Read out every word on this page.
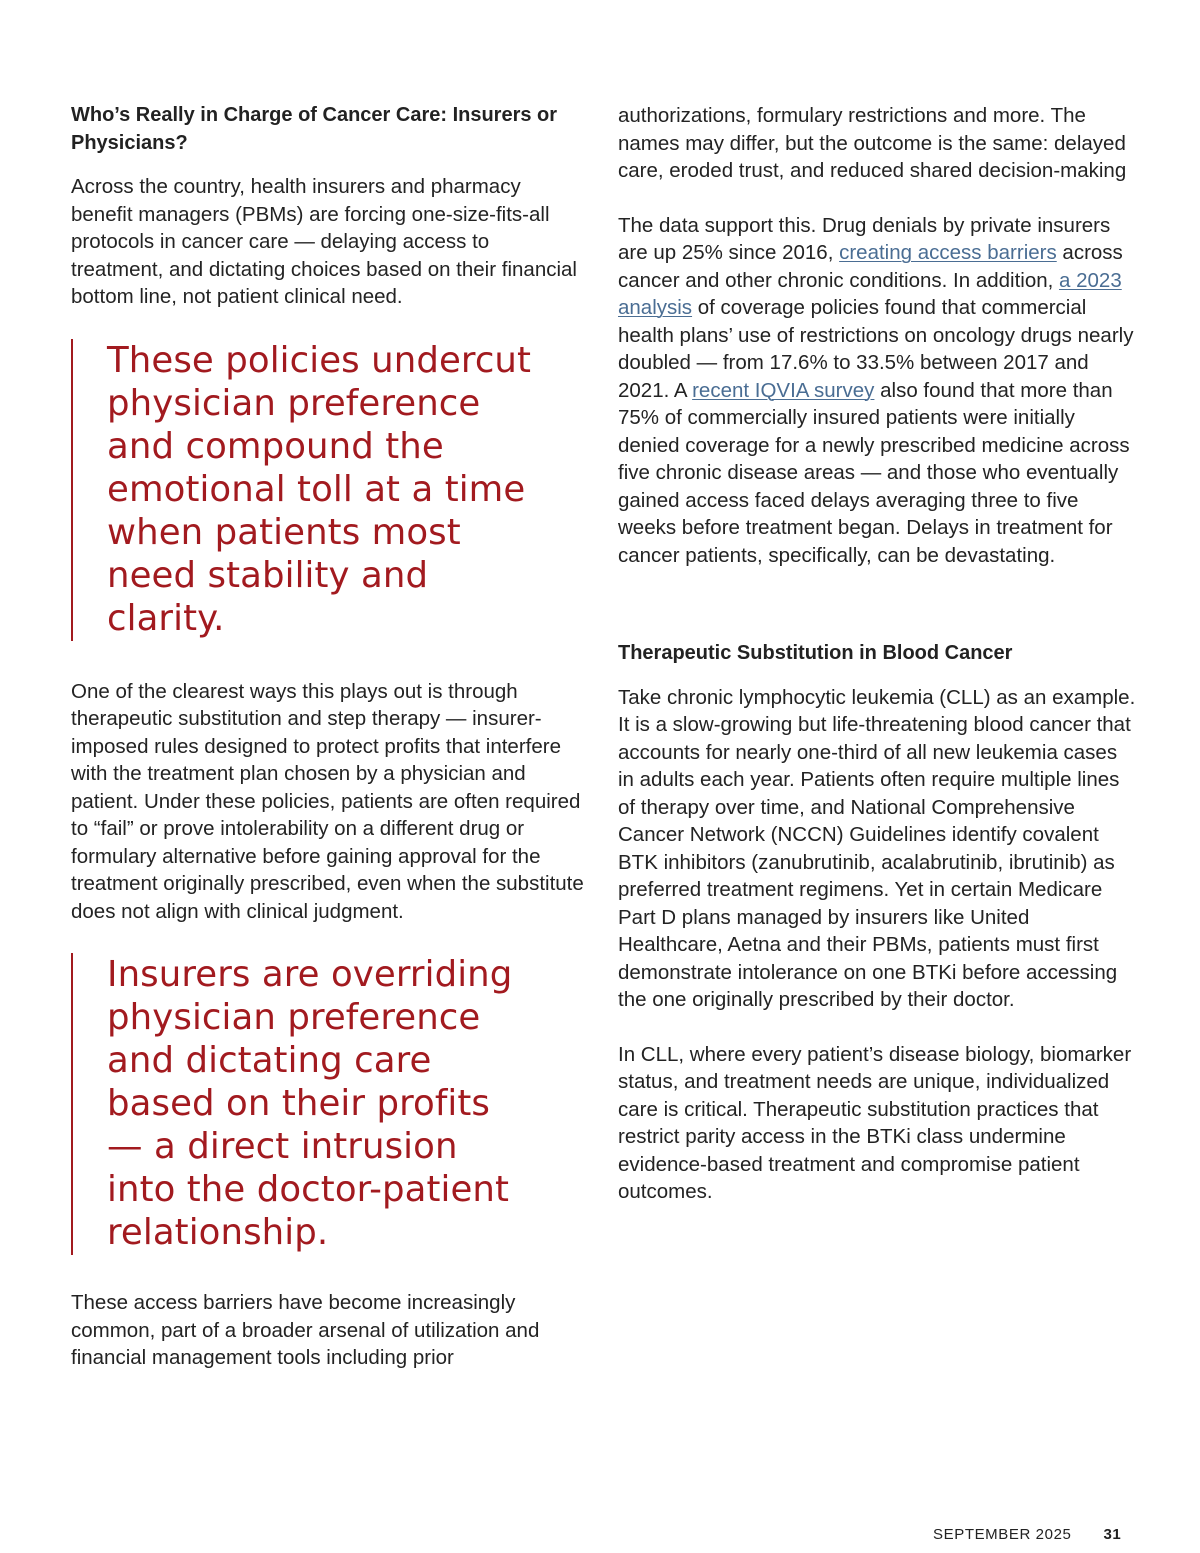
Who’s Really in Charge of Cancer Care: Insurers or Physicians?

Across the country, health insurers and pharmacy benefit managers (PBMs) are forcing one-size-fits-all protocols in cancer care — delaying access to treatment, and dictating choices based on their financial bottom line, not patient clinical need.

These policies undercut
physician preference
and compound the
emotional toll at a time
when patients most
need stability and
clarity.

One of the clearest ways this plays out is through therapeutic substitution and step therapy — insurer-imposed rules designed to protect profits that interfere with the treatment plan chosen by a physician and patient. Under these policies, patients are often required to “fail” or prove intolerability on a different drug or formulary alternative before gaining approval for the treatment originally prescribed, even when the substitute does not align with clinical judgment.

Insurers are overriding
physician preference
and dictating care
based on their profits
— a direct intrusion
into the doctor-patient
relationship.

These access barriers have become increasingly common, part of a broader arsenal of utilization and financial management tools including prior

authorizations, formulary restrictions and more. The names may differ, but the outcome is the same: delayed care, eroded trust, and reduced shared decision-making

The data support this. Drug denials by private insurers are up 25% since 2016, creating access barriers across cancer and other chronic conditions. In addition, a 2023 analysis of coverage policies found that commercial health plans’ use of restrictions on oncology drugs nearly doubled — from 17.6% to 33.5% between 2017 and 2021. A recent IQVIA survey also found that more than 75% of commercially insured patients were initially denied coverage for a newly prescribed medicine across five chronic disease areas — and those who eventually gained access faced delays averaging three to five weeks before treatment began. Delays in treatment for cancer patients, specifically, can be devastating.

Therapeutic Substitution in Blood Cancer

Take chronic lymphocytic leukemia (CLL) as an example. It is a slow-growing but life-threatening blood cancer that accounts for nearly one-third of all new leukemia cases in adults each year. Patients often require multiple lines of therapy over time, and National Comprehensive Cancer Network (NCCN) Guidelines identify covalent BTK inhibitors (zanubrutinib, acalabrutinib, ibrutinib) as preferred treatment regimens. Yet in certain Medicare Part D plans managed by insurers like United Healthcare, Aetna and their PBMs, patients must first demonstrate intolerance on one BTKi before accessing the one originally prescribed by their doctor.

In CLL, where every patient’s disease biology, biomarker status, and treatment needs are unique, individualized care is critical. Therapeutic substitution practices that restrict parity access in the BTKi class undermine evidence-based treatment and compromise patient outcomes.

SEPTEMBER 2025 31
